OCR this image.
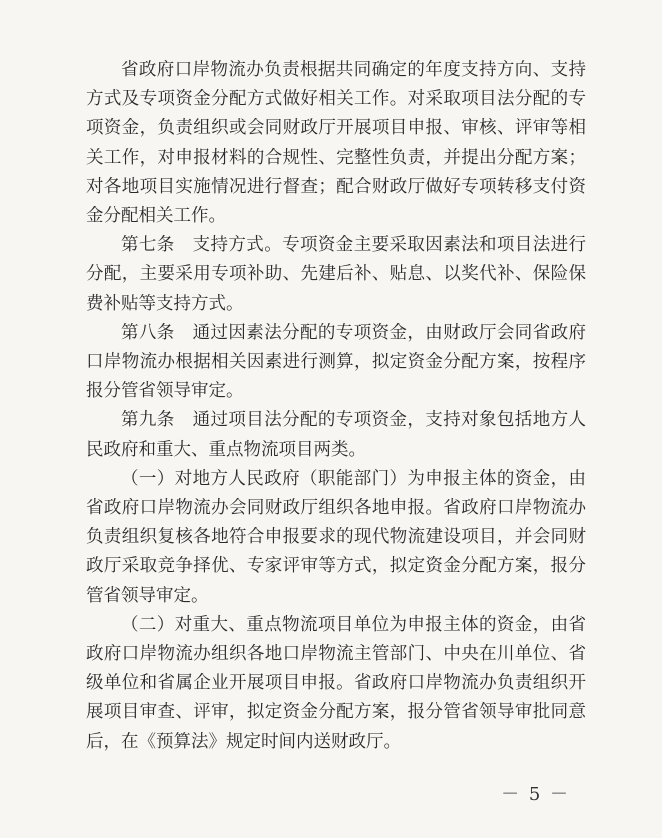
省政府口岸物流办负责根据共同确定的年度支持方向、支持方式及专项资金分配方式做好相关工作。对采取项目法分配的专项资金，负责组织或会同财政厅开展项目申报、审核、评审等相关工作，对申报材料的合规性、完整性负责，并提出分配方案；对各地项目实施情况进行督查；配合财政厅做好专项转移支付资金分配相关工作。

第七条　支持方式。专项资金主要采取因素法和项目法进行分配，主要采用专项补助、先建后补、贴息、以奖代补、保险保费补贴等支持方式。

第八条　通过因素法分配的专项资金，由财政厅会同省政府口岸物流办根据相关因素进行测算，拟定资金分配方案，按程序报分管省领导审定。

第九条　通过项目法分配的专项资金，支持对象包括地方人民政府和重大、重点物流项目两类。

（一）对地方人民政府（职能部门）为申报主体的资金，由省政府口岸物流办会同财政厅组织各地申报。省政府口岸物流办负责组织复核各地符合申报要求的现代物流建设项目，并会同财政厅采取竞争择优、专家评审等方式，拟定资金分配方案，报分管省领导审定。

（二）对重大、重点物流项目单位为申报主体的资金，由省政府口岸物流办组织各地口岸物流主管部门、中央在川单位、省级单位和省属企业开展项目申报。省政府口岸物流办负责组织开展项目审查、评审，拟定资金分配方案，报分管省领导审批同意后，在《预算法》规定时间内送财政厅。

－ 5 －
